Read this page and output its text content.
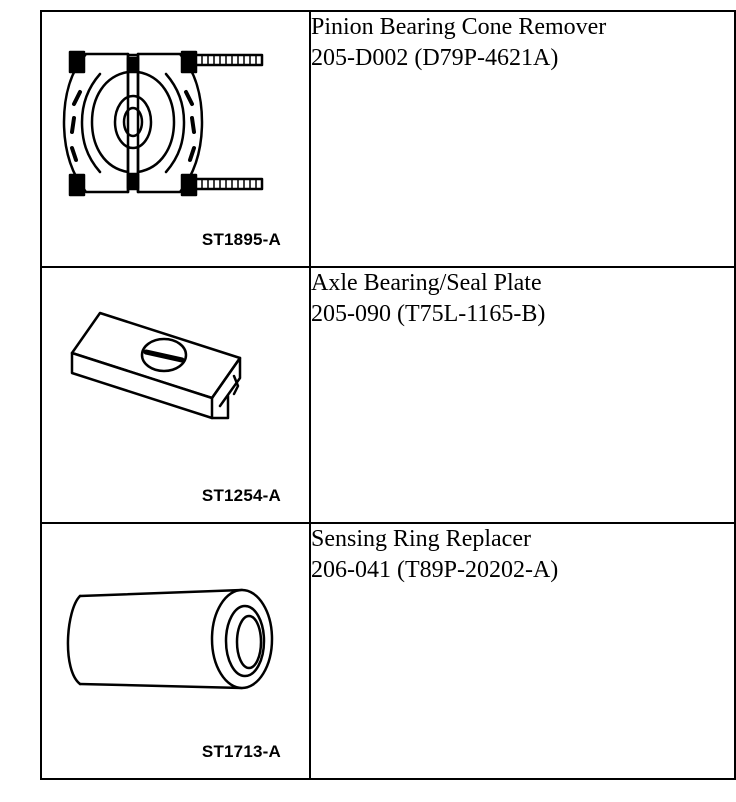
ST1895-A	Pinion Bearing Cone Remover
205-D002 (D79P-4621A)

ST1254-A	Axle Bearing/Seal Plate
205-090 (T75L-1165-B)

ST1713-A	Sensing Ring Replacer
206-041 (T89P-20202-A)
